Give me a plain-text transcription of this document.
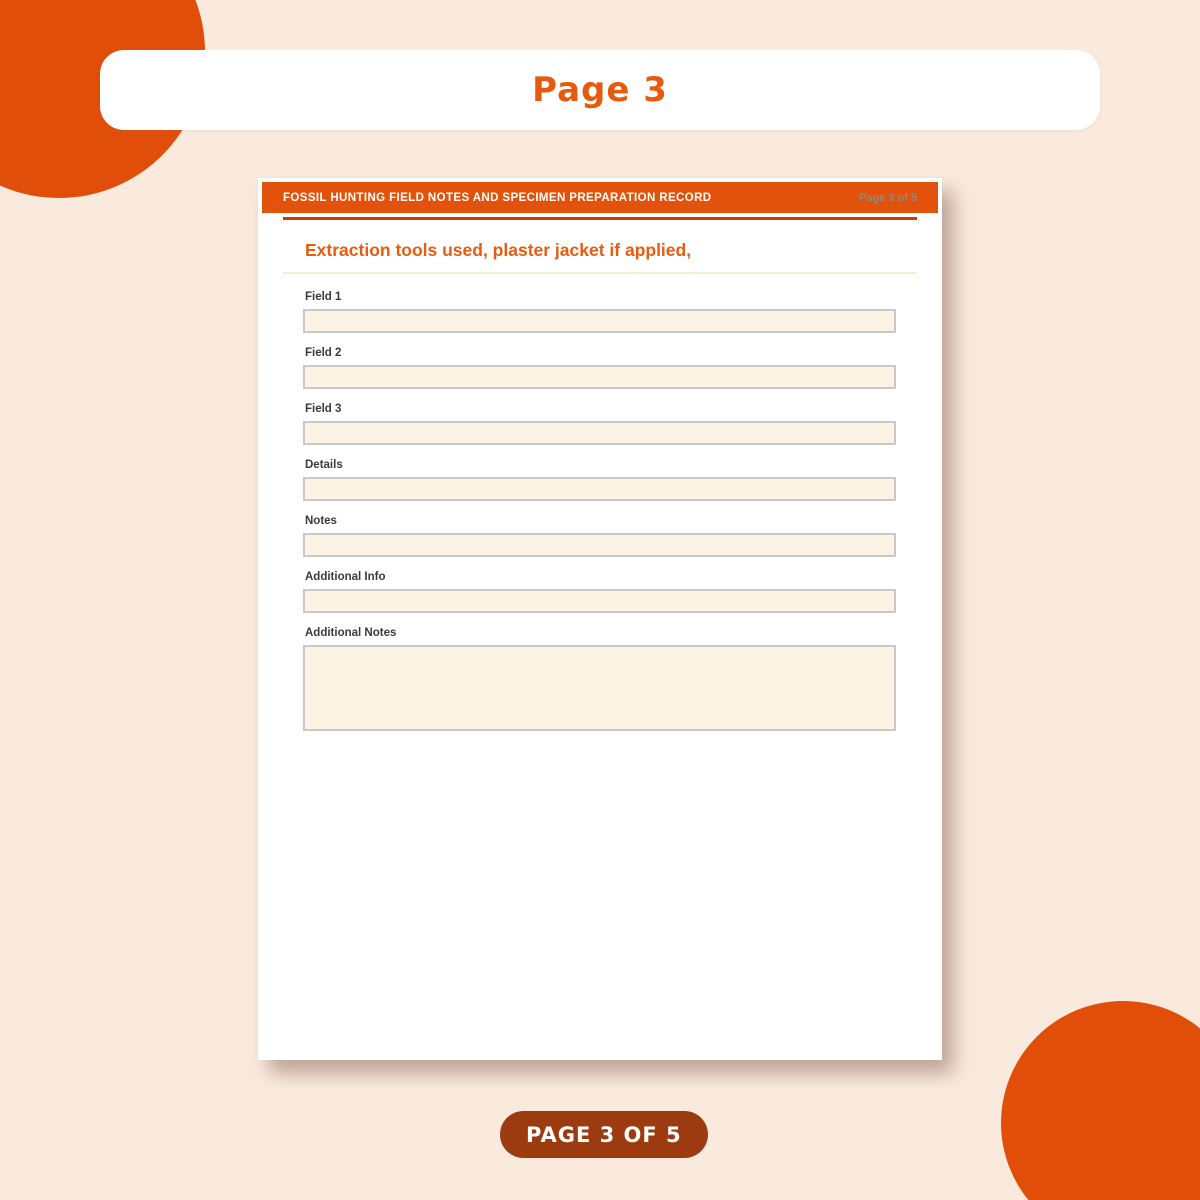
Page 3
FOSSIL HUNTING FIELD NOTES AND SPECIMEN PREPARATION RECORD	Page 3 of 5
Extraction tools used, plaster jacket if applied,
Field 1
Field 2
Field 3
Details
Notes
Additional Info
Additional Notes
PAGE 3 OF 5
